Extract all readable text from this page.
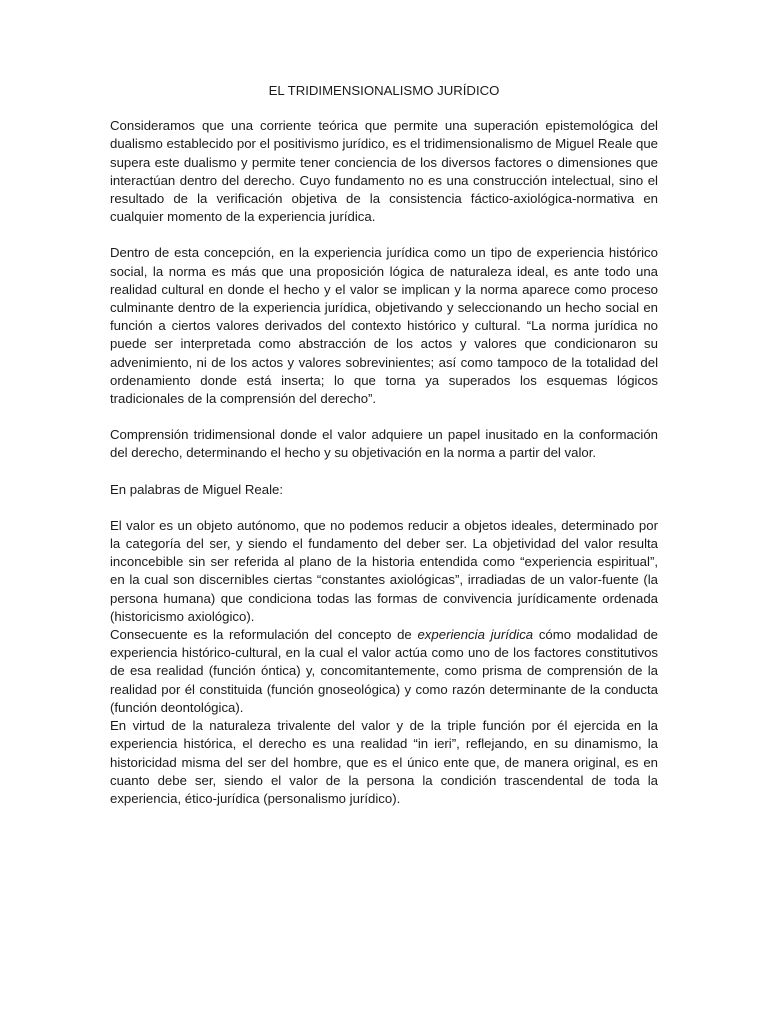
EL TRIDIMENSIONALISMO JURÍDICO

Consideramos que una corriente teórica que permite una superación epistemológica del dualismo establecido por el positivismo jurídico, es el tridimensionalismo de Miguel Reale que supera este dualismo y permite tener conciencia de los diversos factores o dimensiones que interactúan dentro del derecho. Cuyo fundamento no es una construcción intelectual, sino el resultado de la verificación objetiva de la consistencia fáctico-axiológica-normativa en cualquier momento de la experiencia jurídica.

Dentro de esta concepción, en la experiencia jurídica como un tipo de experiencia histórico social, la norma es más que una proposición lógica de naturaleza ideal, es ante todo una realidad cultural en donde el hecho y el valor se implican y la norma aparece como proceso culminante dentro de la experiencia jurídica, objetivando y seleccionando un hecho social en función a ciertos valores derivados del contexto histórico y cultural. “La norma jurídica no puede ser interpretada como abstracción de los actos y valores que condicionaron su advenimiento, ni de los actos y valores sobrevinientes; así como tampoco de la totalidad del ordenamiento donde está inserta; lo que torna ya superados los esquemas lógicos tradicionales de la comprensión del derecho”.

Comprensión tridimensional donde el valor adquiere un papel inusitado en la conformación del derecho, determinando el hecho y su objetivación en la norma a partir del valor.

En palabras de Miguel Reale:

El valor es un objeto autónomo, que no podemos reducir a objetos ideales, determinado por la categoría del ser, y siendo el fundamento del deber ser. La objetividad del valor resulta inconcebible sin ser referida al plano de la historia entendida como “experiencia espiritual”, en la cual son discernibles ciertas “constantes axiológicas”, irradiadas de un valor-fuente (la persona humana) que condiciona todas las formas de convivencia jurídicamente ordenada (historicismo axiológico).

Consecuente es la reformulación del concepto de experiencia jurídica cómo modalidad de experiencia histórico-cultural, en la cual el valor actúa como uno de los factores constitutivos de esa realidad (función óntica) y, concomitantemente, como prisma de comprensión de la realidad por él constituida (función gnoseológica) y como razón determinante de la conducta (función deontológica).

En virtud de la naturaleza trivalente del valor y de la triple función por él ejercida en la experiencia histórica, el derecho es una realidad “in ieri”, reflejando, en su dinamismo, la historicidad misma del ser del hombre, que es el único ente que, de manera original, es en cuanto debe ser, siendo el valor de la persona la condición trascendental de toda la experiencia, ético-jurídica (personalismo jurídico).
